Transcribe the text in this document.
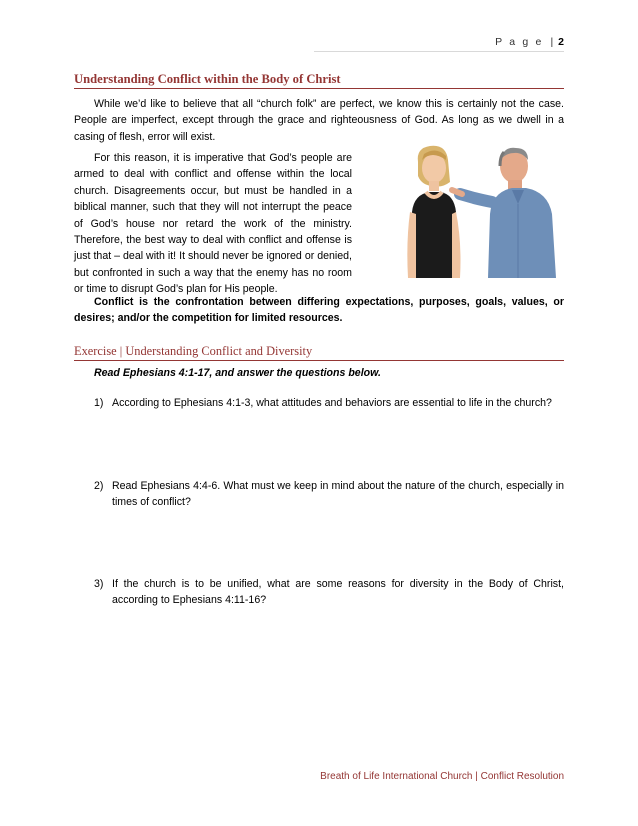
P a g e | 2
Understanding Conflict within the Body of Christ

While we’d like to believe that all “church folk” are perfect, we know this is certainly not the case. People are imperfect, except through the grace and righteousness of God. As long as we dwell in a casing of flesh, error will exist.

For this reason, it is imperative that God’s people are armed to deal with conflict and offense within the local church. Disagreements occur, but must be handled in a biblical manner, such that they will not interrupt the peace of God’s house nor retard the work of the ministry. Therefore, the best way to deal with conflict and offense is just that – deal with it! It should never be ignored or denied, but confronted in such a way that the enemy has no room or time to disrupt God’s plan for His people.

Conflict is the confrontation between differing expectations, purposes, goals, values, or desires; and/or the competition for limited resources.

Exercise | Understanding Conflict and Diversity
Read Ephesians 4:1-17, and answer the questions below.
1) According to Ephesians 4:1-3, what attitudes and behaviors are essential to life in the church?
2) Read Ephesians 4:4-6. What must we keep in mind about the nature of the church, especially in times of conflict?
3) If the church is to be unified, what are some reasons for diversity in the Body of Christ, according to Ephesians 4:11-16?
Breath of Life International Church | Conflict Resolution
